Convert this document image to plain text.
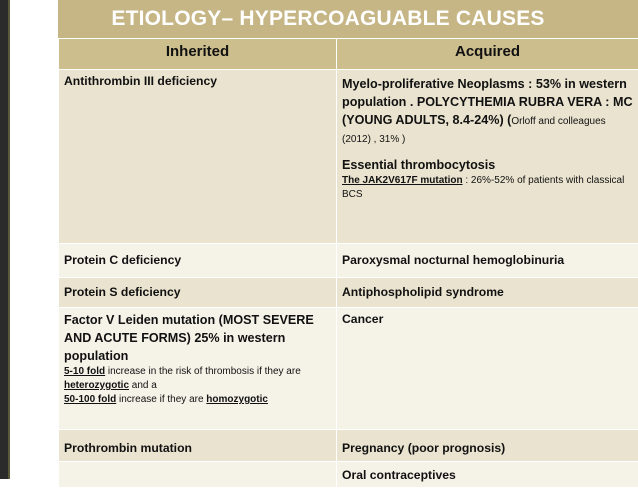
ETIOLOGY– HYPERCOAGUABLE CAUSES
Inherited	Acquired
Antithrombin III deficiency	Myelo-proliferative Neoplasms : 53% in western population . POLYCYTHEMIA RUBRA VERA : MC (YOUNG ADULTS, 8.4-24%) (Orloff and colleagues (2012) , 31% )
Essential thrombocytosis
The JAK2V617F mutation : 26%-52% of patients with classical BCS

Protein C deficiency	Paroxysmal nocturnal hemoglobinuria
Protein S deficiency	Antiphospholipid syndrome

Factor V Leiden mutation (MOST SEVERE AND ACUTE FORMS) 25% in western population
5-10 fold increase in the risk of thrombosis if they are heterozygotic and a
50-100 fold increase if they are homozygotic	Cancer
Prothrombin mutation	Pregnancy (poor prognosis)
	Oral contraceptives
